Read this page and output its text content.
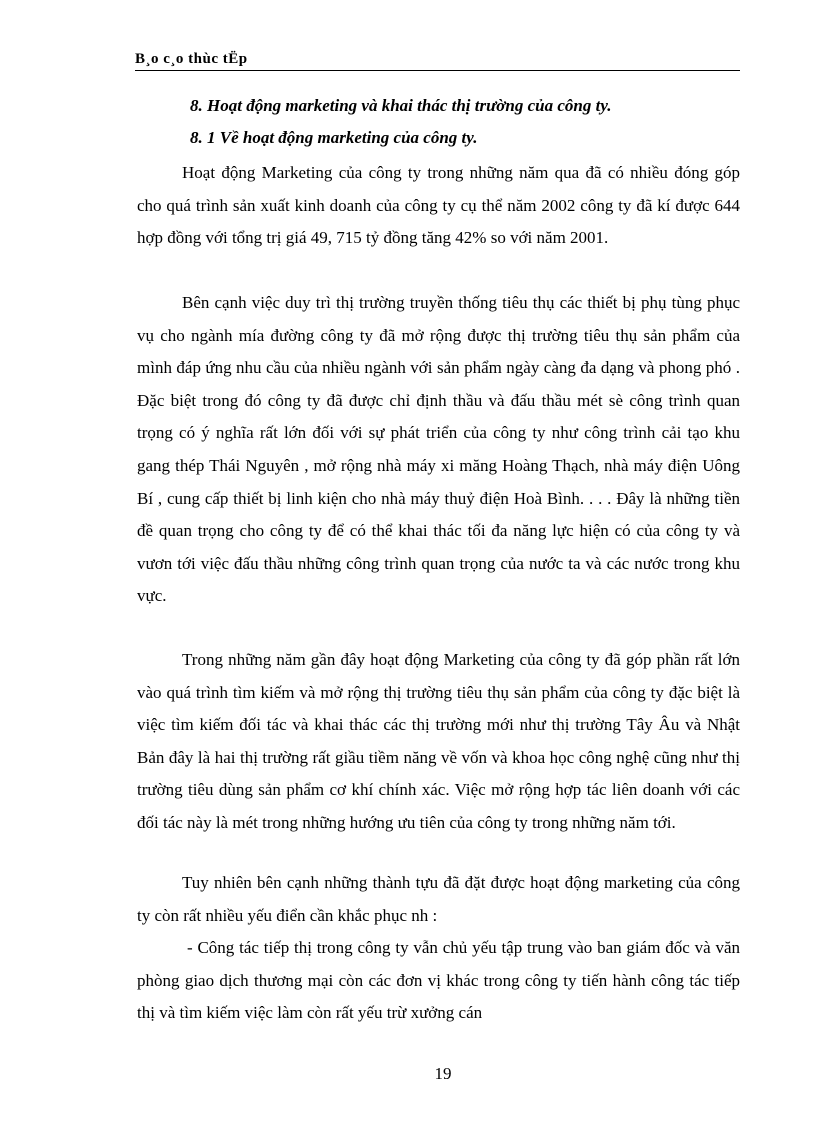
B¸o c¸o thùc tËp
8. Hoạt động marketing và khai thác thị trường của công ty.
8. 1 Về hoạt động marketing của công ty.

Hoạt động Marketing của công ty trong những năm qua đã có nhiều đóng góp cho quá trình sản xuất kinh doanh của công ty cụ thể năm 2002 công ty đã kí được 644 hợp đồng với tổng trị giá 49, 715 tỷ đồng tăng 42% so với năm 2001.

Bên cạnh việc duy trì thị trường truyền thống tiêu thụ các thiết bị phụ tùng phục vụ cho ngành mía đường công ty đã mở rộng được thị trường tiêu thụ sản phẩm của mình đáp ứng nhu cầu của nhiều ngành với sản phẩm ngày càng đa dạng và phong phó . Đặc biệt trong đó công ty đã được chỉ định thầu và đấu thầu mét sè công trình quan trọng có ý nghĩa rất lớn đối với sự phát triển của công ty như công trình cải tạo khu gang thép Thái Nguyên , mở rộng nhà máy xi măng Hoàng Thạch, nhà máy điện Uông Bí , cung cấp thiết bị linh kiện cho nhà máy thuỷ điện Hoà Bình. . . . Đây là những tiền đề quan trọng cho công ty để có thể khai thác tối đa năng lực hiện có của công ty và vươn tới việc đấu thầu những công trình quan trọng của nước ta và các nước trong khu vực.

Trong những năm gần đây hoạt động Marketing của công ty đã góp phần rất lớn vào quá trình tìm kiếm và mở rộng thị trường tiêu thụ sản phẩm của công ty đặc biệt là việc tìm kiếm đối tác và khai thác các thị trường mới như thị trường Tây Âu và Nhật Bản đây là hai thị trường rất giầu tiềm năng về vốn và khoa học công nghệ cũng như thị trường tiêu dùng sản phẩm cơ khí chính xác. Việc mở rộng hợp tác liên doanh với các đối tác này là mét trong những hướng ưu tiên của công ty trong những năm tới.

Tuy nhiên bên cạnh những thành tựu đã đặt được hoạt động marketing của công ty còn rất nhiều yếu điển cần khắc phục nh :

- Công tác tiếp thị trong công ty vẫn chủ yếu tập trung vào ban giám đốc và văn phòng giao dịch thương mại còn các đơn vị khác trong công ty tiến hành công tác tiếp thị và tìm kiếm việc làm còn rất yếu trừ xưởng cán

19
